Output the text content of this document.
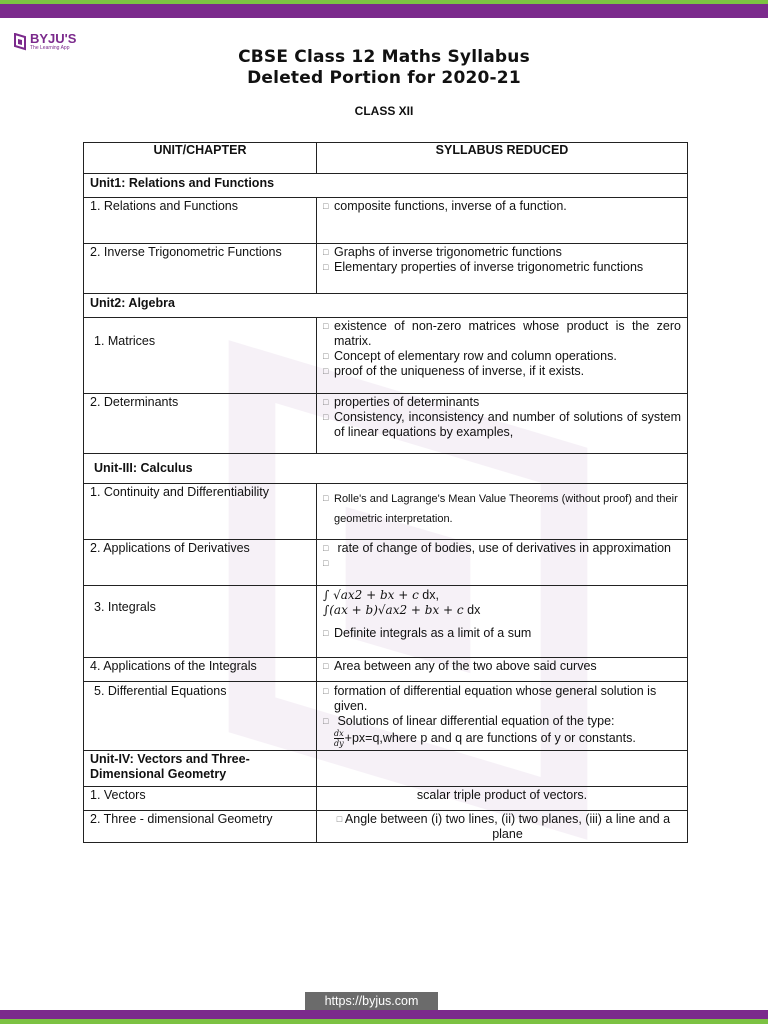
BYJU'S
The Learning App	CBSE Class 12 Maths Syllabus
Deleted Portion for 2020-21
CLASS XII
UNIT/CHAPTER	SYLLABUS REDUCED
Unit1: Relations and Functions	
1. Relations and Functions	□ composite functions, inverse of a function.

2. Inverse Trigonometric Functions	□ Graphs of inverse trigonometric functions
□ Elementary properties of inverse trigonometric functions

Unit2: Algebra	
1. Matrices	□ existence of non-zero matrices whose product is the zero matrix.
□ Concept of elementary row and column operations.
□ proof of the uniqueness of inverse, if it exists.

2. Determinants	□ properties of determinants
□ Consistency, inconsistency and number of solutions of system of linear equations by examples,

Unit-III: Calculus	
1. Continuity and Differentiability	□ Rolle's and Lagrange's Mean Value Theorems (without proof) and their geometric interpretation.

2. Applications of Derivatives	□ rate of change of bodies, use of derivatives in approximation
□

3. Integrals	∫ √ax2 + bx + c dx,
∫(ax + b)√ax2 + bx + c dx
□ Definite integrals as a limit of a sum

4. Applications of the Integrals	□ Area between any of the two above said curves

5. Differential Equations	□ formation of differential equation whose general solution is given.
□ Solutions of linear differential equation of the type:
$\frac{dx}{dy}$ +px=q,where p and q are functions of y or constants.

Unit-IV: Vectors and Three-Dimensional Geometry	
1. Vectors	scalar triple product of vectors.
2. Three - dimensional Geometry	□ Angle between (i) two lines, (ii) two planes, (iii) a line and a plane
https://byjus.com
